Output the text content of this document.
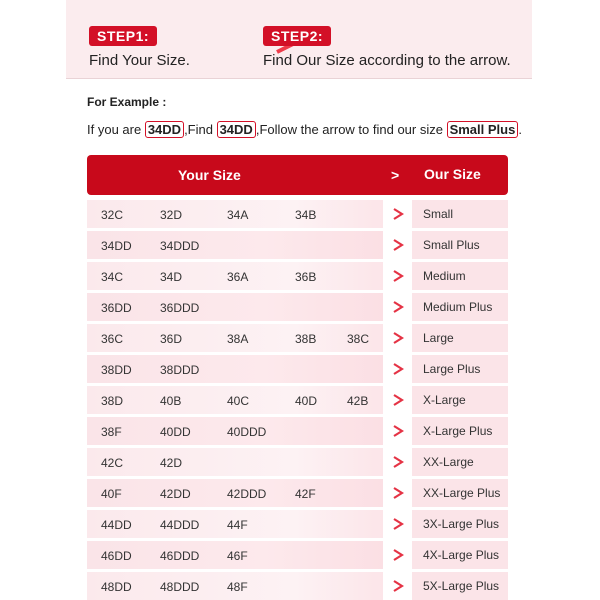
STEP1:
Find Your Size.
STEP2:
Find Our Size according to the arrow.
For Example :
If you are 34DD ,Find 34DD ,Follow the arrow to find our size Small Plus .
Your Size	> Our Size
32C	32D	34A	34B	Small
34DD 34DDD	Small Plus
34C	34D	36A	36B	Medium
36DD 36DDD	Medium Plus
36C	36D	38A	38B	38C	Large
38DD 38DDD	Large Plus
38D	40B	40C	40D 42B	X-Large
38F	40DD	40DDD	X-Large Plus
42C	42D	XX-Large
40F	42DD	42DDD 42F	XX-Large Plus
44DD 44DDD 44F	3X-Large Plus
46DD 46DDD 46F	4X-Large Plus
48DD 48DDD 48F	5X-Large Plus
